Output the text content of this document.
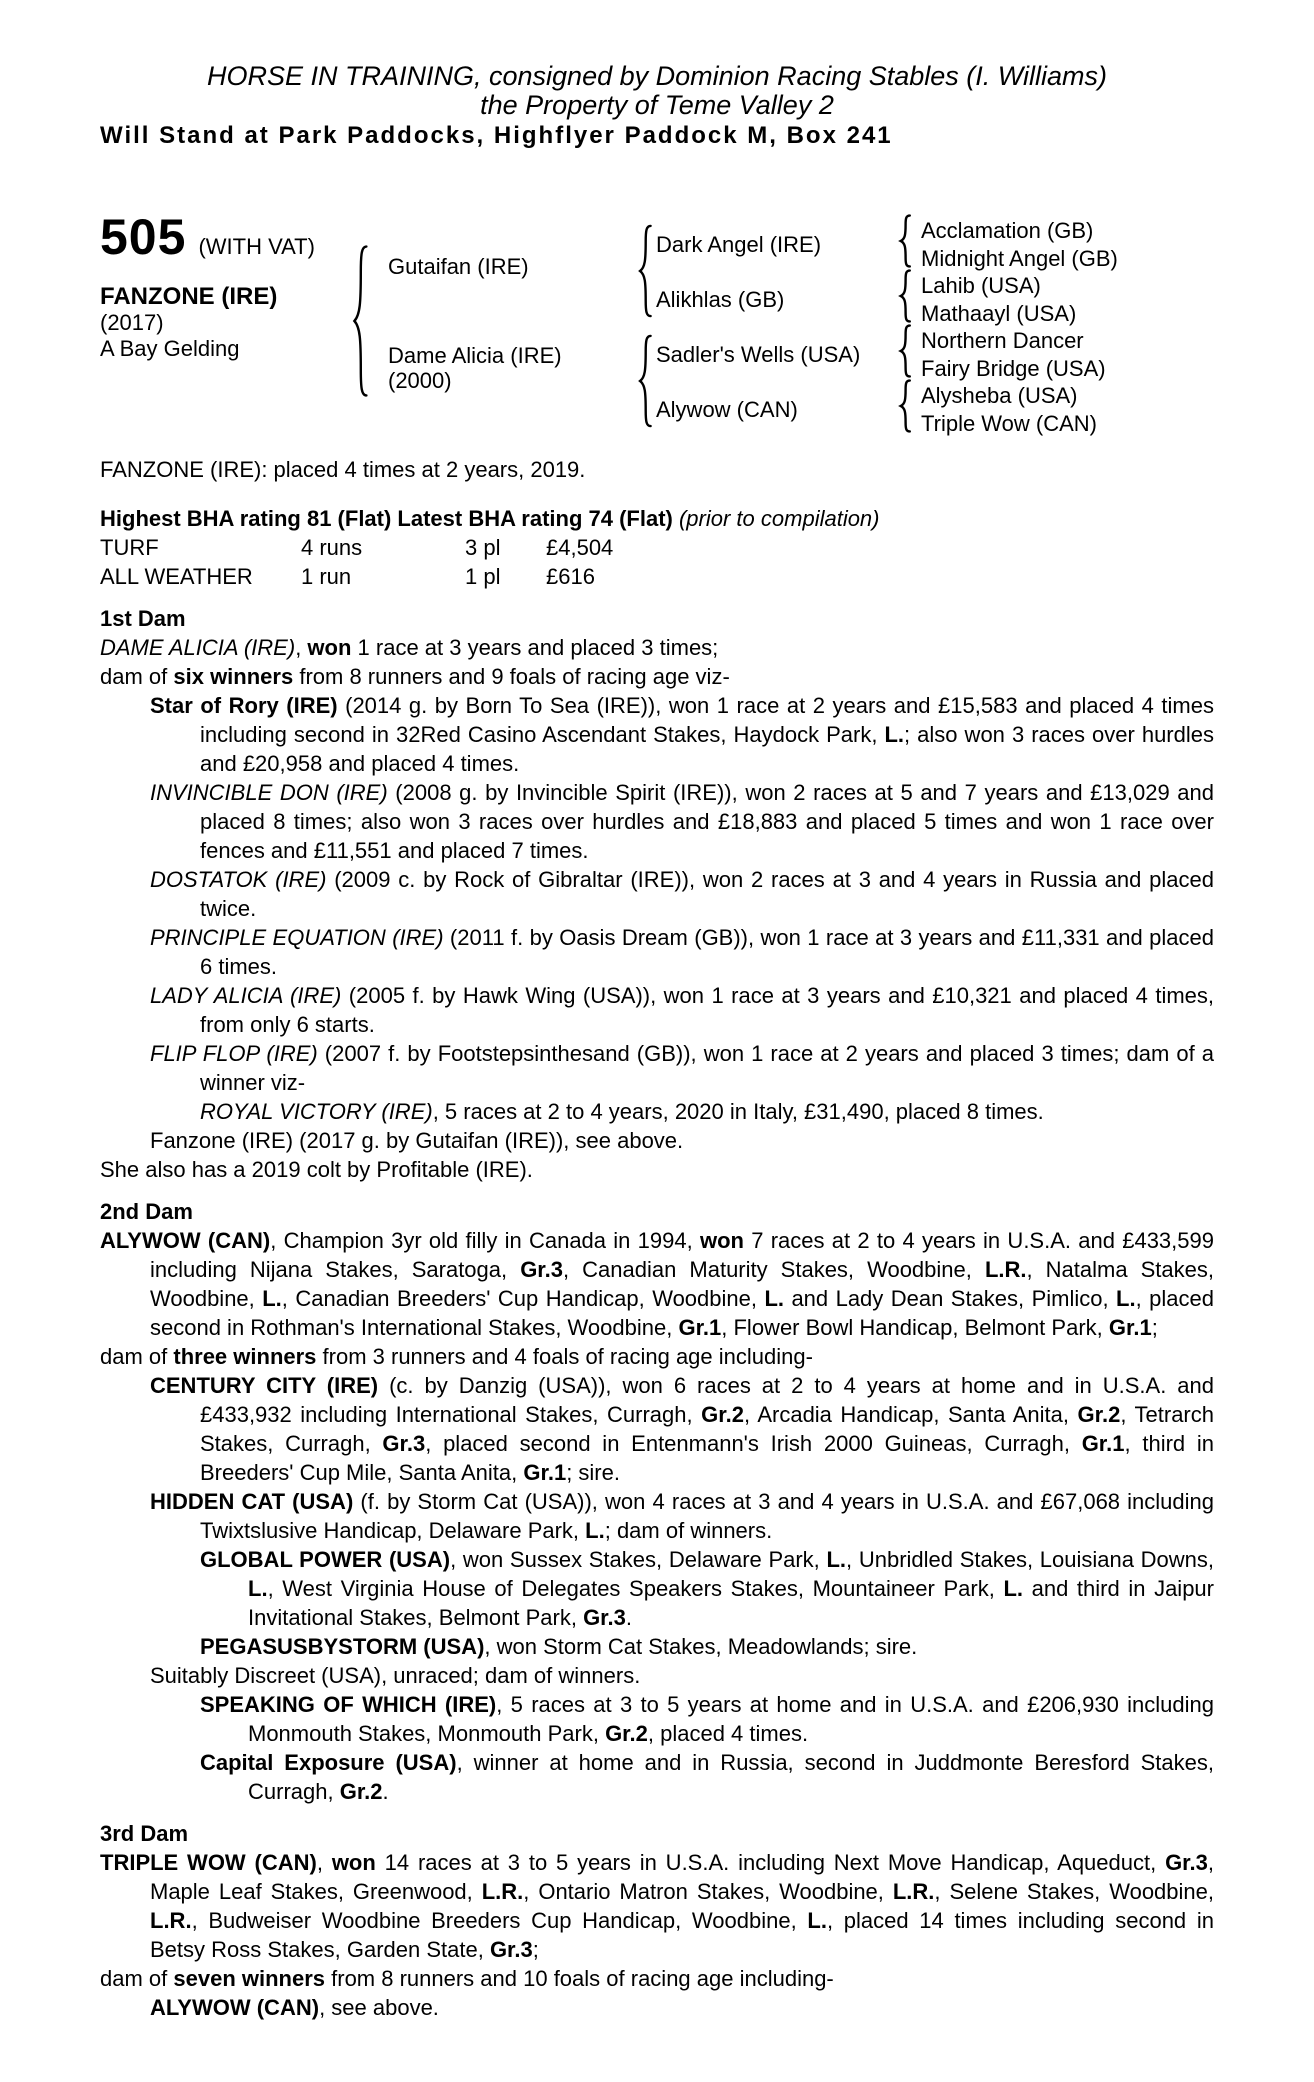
HORSE IN TRAINING, consigned by Dominion Racing Stables (I. Williams)
the Property of Teme Valley 2
Will Stand at Park Paddocks, Highflyer Paddock M, Box 241
505 (WITH VAT)
FANZONE (IRE)
(2017)
A Bay Gelding
Gutaifan (IRE)
Dame Alicia (IRE)
(2000)
Dark Angel (IRE)
Alikhlas (GB)
Sadler's Wells (USA)
Alywow (CAN)
Acclamation (GB)
Midnight Angel (GB)
Lahib (USA)
Mathaayl (USA)
Northern Dancer
Fairy Bridge (USA)
Alysheba (USA)
Triple Wow (CAN)
FANZONE (IRE): placed 4 times at 2 years, 2019.
Highest BHA rating 81 (Flat) Latest BHA rating 74 (Flat) (prior to compilation)
TURF	4 runs	3 pl £4,504
ALL WEATHER 1 run	1 pl £616
1st Dam
DAME ALICIA (IRE), won 1 race at 3 years and placed 3 times;
dam of six winners from 8 runners and 9 foals of racing age viz-
Star of Rory (IRE) (2014 g. by Born To Sea (IRE)), won 1 race at 2 years and £15,583 and placed 4 times including second in 32Red Casino Ascendant Stakes, Haydock Park, L.; also won 3 races over hurdles and £20,958 and placed 4 times.
INVINCIBLE DON (IRE) (2008 g. by Invincible Spirit (IRE)), won 2 races at 5 and 7 years and £13,029 and placed 8 times; also won 3 races over hurdles and £18,883 and placed 5 times and won 1 race over fences and £11,551 and placed 7 times.
DOSTATOK (IRE) (2009 c. by Rock of Gibraltar (IRE)), won 2 races at 3 and 4 years in Russia and placed twice.
PRINCIPLE EQUATION (IRE) (2011 f. by Oasis Dream (GB)), won 1 race at 3 years and £11,331 and placed 6 times.
LADY ALICIA (IRE) (2005 f. by Hawk Wing (USA)), won 1 race at 3 years and £10,321 and placed 4 times, from only 6 starts.
FLIP FLOP (IRE) (2007 f. by Footstepsinthesand (GB)), won 1 race at 2 years and placed 3 times; dam of a winner viz-
ROYAL VICTORY (IRE), 5 races at 2 to 4 years, 2020 in Italy, £31,490, placed 8 times.
Fanzone (IRE) (2017 g. by Gutaifan (IRE)), see above.
She also has a 2019 colt by Profitable (IRE).
2nd Dam
ALYWOW (CAN), Champion 3yr old filly in Canada in 1994, won 7 races at 2 to 4 years in U.S.A. and £433,599 including Nijana Stakes, Saratoga, Gr.3, Canadian Maturity Stakes, Woodbine, L.R., Natalma Stakes, Woodbine, L., Canadian Breeders' Cup Handicap, Woodbine, L. and Lady Dean Stakes, Pimlico, L., placed second in Rothman's International Stakes, Woodbine, Gr.1, Flower Bowl Handicap, Belmont Park, Gr.1;
dam of three winners from 3 runners and 4 foals of racing age including-
CENTURY CITY (IRE) (c. by Danzig (USA)), won 6 races at 2 to 4 years at home and in U.S.A. and £433,932 including International Stakes, Curragh, Gr.2, Arcadia Handicap, Santa Anita, Gr.2, Tetrarch Stakes, Curragh, Gr.3, placed second in Entenmann's Irish 2000 Guineas, Curragh, Gr.1, third in Breeders' Cup Mile, Santa Anita, Gr.1; sire.
HIDDEN CAT (USA) (f. by Storm Cat (USA)), won 4 races at 3 and 4 years in U.S.A. and £67,068 including Twixtslusive Handicap, Delaware Park, L.; dam of winners.
GLOBAL POWER (USA), won Sussex Stakes, Delaware Park, L., Unbridled Stakes, Louisiana Downs, L., West Virginia House of Delegates Speakers Stakes, Mountaineer Park, L. and third in Jaipur Invitational Stakes, Belmont Park, Gr.3.
PEGASUSBYSTORM (USA), won Storm Cat Stakes, Meadowlands; sire.
Suitably Discreet (USA), unraced; dam of winners.
SPEAKING OF WHICH (IRE), 5 races at 3 to 5 years at home and in U.S.A. and £206,930 including Monmouth Stakes, Monmouth Park, Gr.2, placed 4 times.
Capital Exposure (USA), winner at home and in Russia, second in Juddmonte Beresford Stakes, Curragh, Gr.2.
3rd Dam
TRIPLE WOW (CAN), won 14 races at 3 to 5 years in U.S.A. including Next Move Handicap, Aqueduct, Gr.3, Maple Leaf Stakes, Greenwood, L.R., Ontario Matron Stakes, Woodbine, L.R., Selene Stakes, Woodbine, L.R., Budweiser Woodbine Breeders Cup Handicap, Woodbine, L., placed 14 times including second in Betsy Ross Stakes, Garden State, Gr.3;
dam of seven winners from 8 runners and 10 foals of racing age including-
ALYWOW (CAN), see above.
